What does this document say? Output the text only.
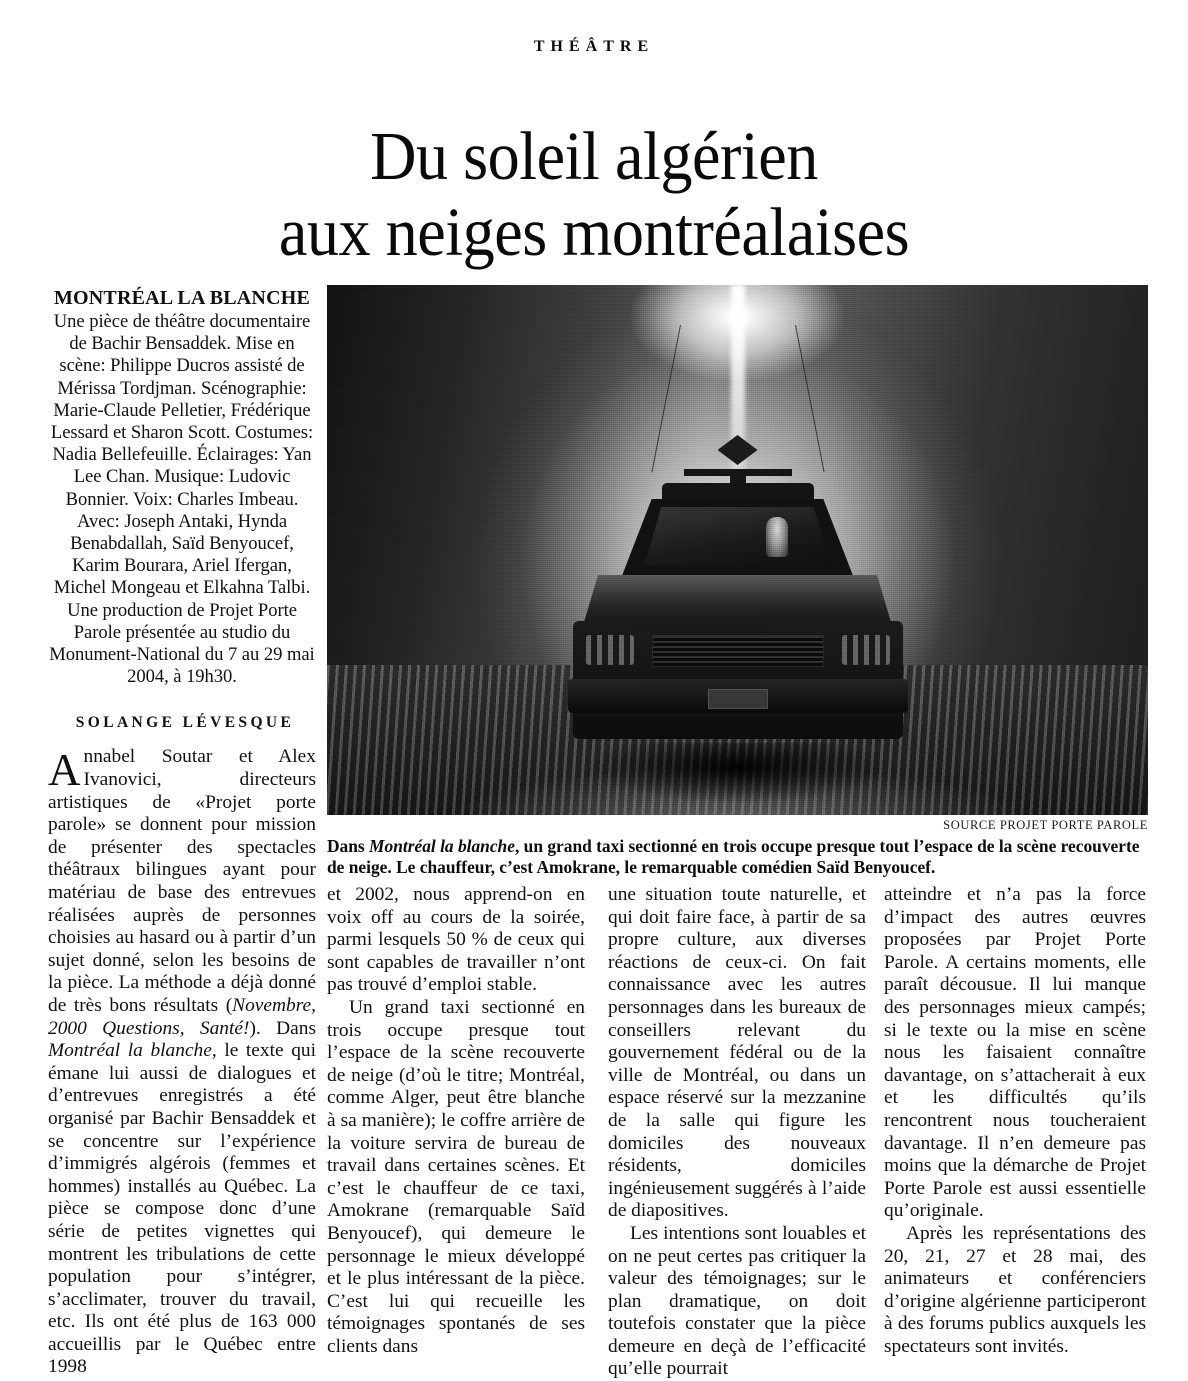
THÉÂTRE
Du soleil algérien
aux neiges montréalaises
MONTRÉAL LA BLANCHE
Une pièce de théâtre documentaire de Bachir Bensaddek. Mise en scène: Philippe Ducros assisté de Mérissa Tordjman. Scénographie: Marie-Claude Pelletier, Frédérique Lessard et Sharon Scott. Costumes: Nadia Bellefeuille. Éclairages: Yan Lee Chan. Musique: Ludovic Bonnier. Voix: Charles Imbeau. Avec: Joseph Antaki, Hynda Benabdallah, Saïd Benyoucef, Karim Bourara, Ariel Ifergan, Michel Mongeau et Elkahna Talbi. Une production de Projet Porte Parole présentée au studio du Monument-National du 7 au 29 mai 2004, à 19h30.
SOLANGE LÉVESQUE
Annabel Soutar et Alex Ivanovici, directeurs artistiques de «Projet porte parole» se donnent pour mission de présenter des spectacles théâtraux bilingues ayant pour matériau de base des entrevues réalisées auprès de personnes choisies au hasard ou à partir d’un sujet donné, selon les besoins de la pièce. La méthode a déjà donné de très bons résultats (Novembre, 2000 Questions, Santé!). Dans Montréal la blanche, le texte qui émane lui aussi de dialogues et d’entrevues enregistrés a été organisé par Bachir Bensaddek et se concentre sur l’expérience d’immigrés algérois (femmes et hommes) installés au Québec. La pièce se compose donc d’une série de petites vignettes qui montrent les tribulations de cette population pour s’intégrer, s’acclimater, trouver du travail, etc. Ils ont été plus de 163 000 accueillis par le Québec entre 1998
SOURCE PROJET PORTE PAROLE
Dans Montréal la blanche, un grand taxi sectionné en trois occupe presque tout l’espace de la scène recouverte de neige. Le chauffeur, c’est Amokrane, le remarquable comédien Saïd Benyoucef.

et 2002, nous apprend-on en voix off au cours de la soirée, parmi lesquels 50 % de ceux qui sont capables de travailler n’ont pas trouvé d’emploi stable.

Un grand taxi sectionné en trois occupe presque tout l’espace de la scène recouverte de neige (d’où le titre; Montréal, comme Alger, peut être blanche à sa manière); le coffre arrière de la voiture servira de bureau de travail dans certaines scènes. Et c’est le chauffeur de ce taxi, Amokrane (remarquable Saïd Benyoucef), qui demeure le personnage le mieux développé et le plus intéressant de la pièce. C’est lui qui recueille les témoignages spontanés de ses clients dans

une situation toute naturelle, et qui doit faire face, à partir de sa propre culture, aux diverses réactions de ceux-ci. On fait connaissance avec les autres personnages dans les bureaux de conseillers relevant du gouvernement fédéral ou de la ville de Montréal, ou dans un espace réservé sur la mezzanine de la salle qui figure les domiciles des nouveaux résidents, domiciles ingénieusement suggérés à l’aide de diapositives.

Les intentions sont louables et on ne peut certes pas critiquer la valeur des témoignages; sur le plan dramatique, on doit toutefois constater que la pièce demeure en deçà de l’efficacité qu’elle pourrait

atteindre et n’a pas la force d’impact des autres œuvres proposées par Projet Porte Parole. A certains moments, elle paraît décousue. Il lui manque des personnages mieux campés; si le texte ou la mise en scène nous les faisaient connaître davantage, on s’attacherait à eux et les difficultés qu’ils rencontrent nous toucheraient davantage. Il n’en demeure pas moins que la démarche de Projet Porte Parole est aussi essentielle qu’originale.

Après les représentations des 20, 21, 27 et 28 mai, des animateurs et conférenciers d’origine algérienne participeront à des forums publics auxquels les spectateurs sont invités.
